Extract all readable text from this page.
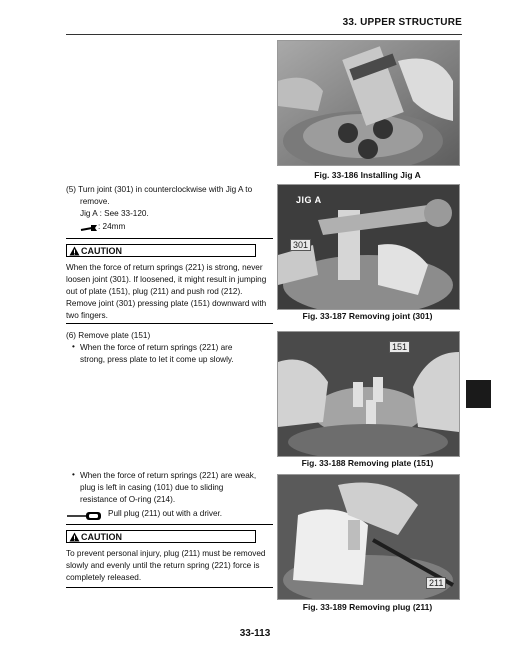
33. UPPER STRUCTURE
Fig. 33-186 Installing Jig A
JIG A
301
Fig. 33-187 Removing joint (301)
151
Fig. 33-188 Removing plate (151)
211
Fig. 33-189 Removing plug (211)
(5) Turn joint (301) in counterclockwise with Jig A to
remove.
Jig A : See 33-120.
: 24mm
CAUTION
When the force of return springs (221) is strong, never
loosen joint (301). If loosened, it might result in jumping
out of plate (151), plug (211) and push rod (212).
Remove joint (301) pressing plate (151) downward with
two fingers.
(6) Remove plate (151)
• When the force of return springs (221) are
strong, press plate to let it come up slowly.
• When the force of return springs (221) are weak,
plug is left in casing (101) due to sliding
resistance of O-ring (214).
Pull plug (211) out with a driver.
CAUTION
To prevent personal injury, plug (211) must be removed
slowly and evenly until the return spring (221) force is
completely released.
33-113
